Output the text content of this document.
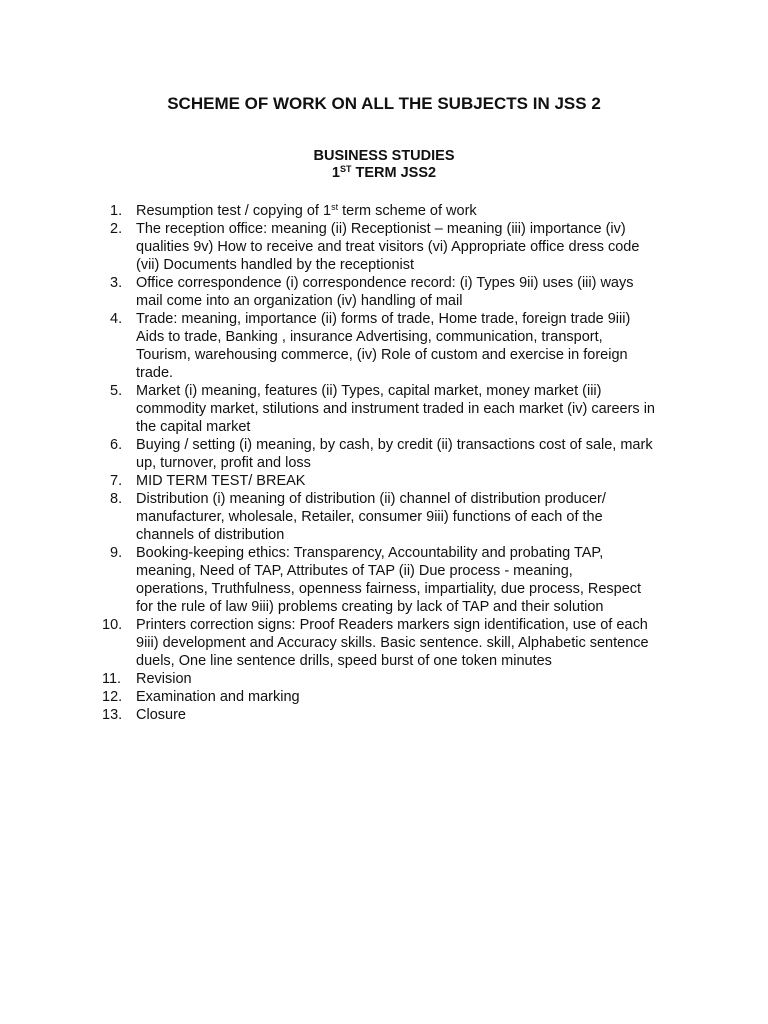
SCHEME OF WORK ON ALL THE SUBJECTS IN JSS 2
BUSINESS STUDIES
1ST TERM JSS2
1. Resumption test / copying of 1st term scheme of work
2. The reception office: meaning (ii) Receptionist – meaning (iii) importance (iv)
qualities 9v) How to receive and treat visitors (vi) Appropriate office dress code
(vii) Documents handled by the receptionist
3. Office correspondence (i) correspondence record: (i) Types 9ii) uses (iii) ways
mail come into an organization (iv) handling of mail
4. Trade: meaning, importance (ii) forms of trade, Home trade, foreign trade 9iii)
Aids to trade, Banking , insurance Advertising, communication, transport,
Tourism, warehousing commerce, (iv) Role of custom and exercise in foreign
trade.
5. Market (i) meaning, features (ii) Types, capital market, money market (iii)
commodity market, stilutions and instrument traded in each market (iv) careers in
the capital market
6. Buying / setting (i) meaning, by cash, by credit (ii) transactions cost of sale, mark
up, turnover, profit and loss
7. MID TERM TEST/ BREAK
8. Distribution (i) meaning of distribution (ii) channel of distribution producer/
manufacturer, wholesale, Retailer, consumer 9iii) functions of each of the
channels of distribution
9. Booking-keeping ethics: Transparency, Accountability and probating TAP,
meaning, Need of TAP, Attributes of TAP (ii) Due process - meaning,
operations, Truthfulness, openness fairness, impartiality, due process, Respect
for the rule of law 9iii) problems creating by lack of TAP and their solution
10. Printers correction signs: Proof Readers markers sign identification, use of each
9iii) development and Accuracy skills. Basic sentence. skill, Alphabetic sentence
duels, One line sentence drills, speed burst of one token minutes
11.	Revision
12. Examination and marking
13. Closure
